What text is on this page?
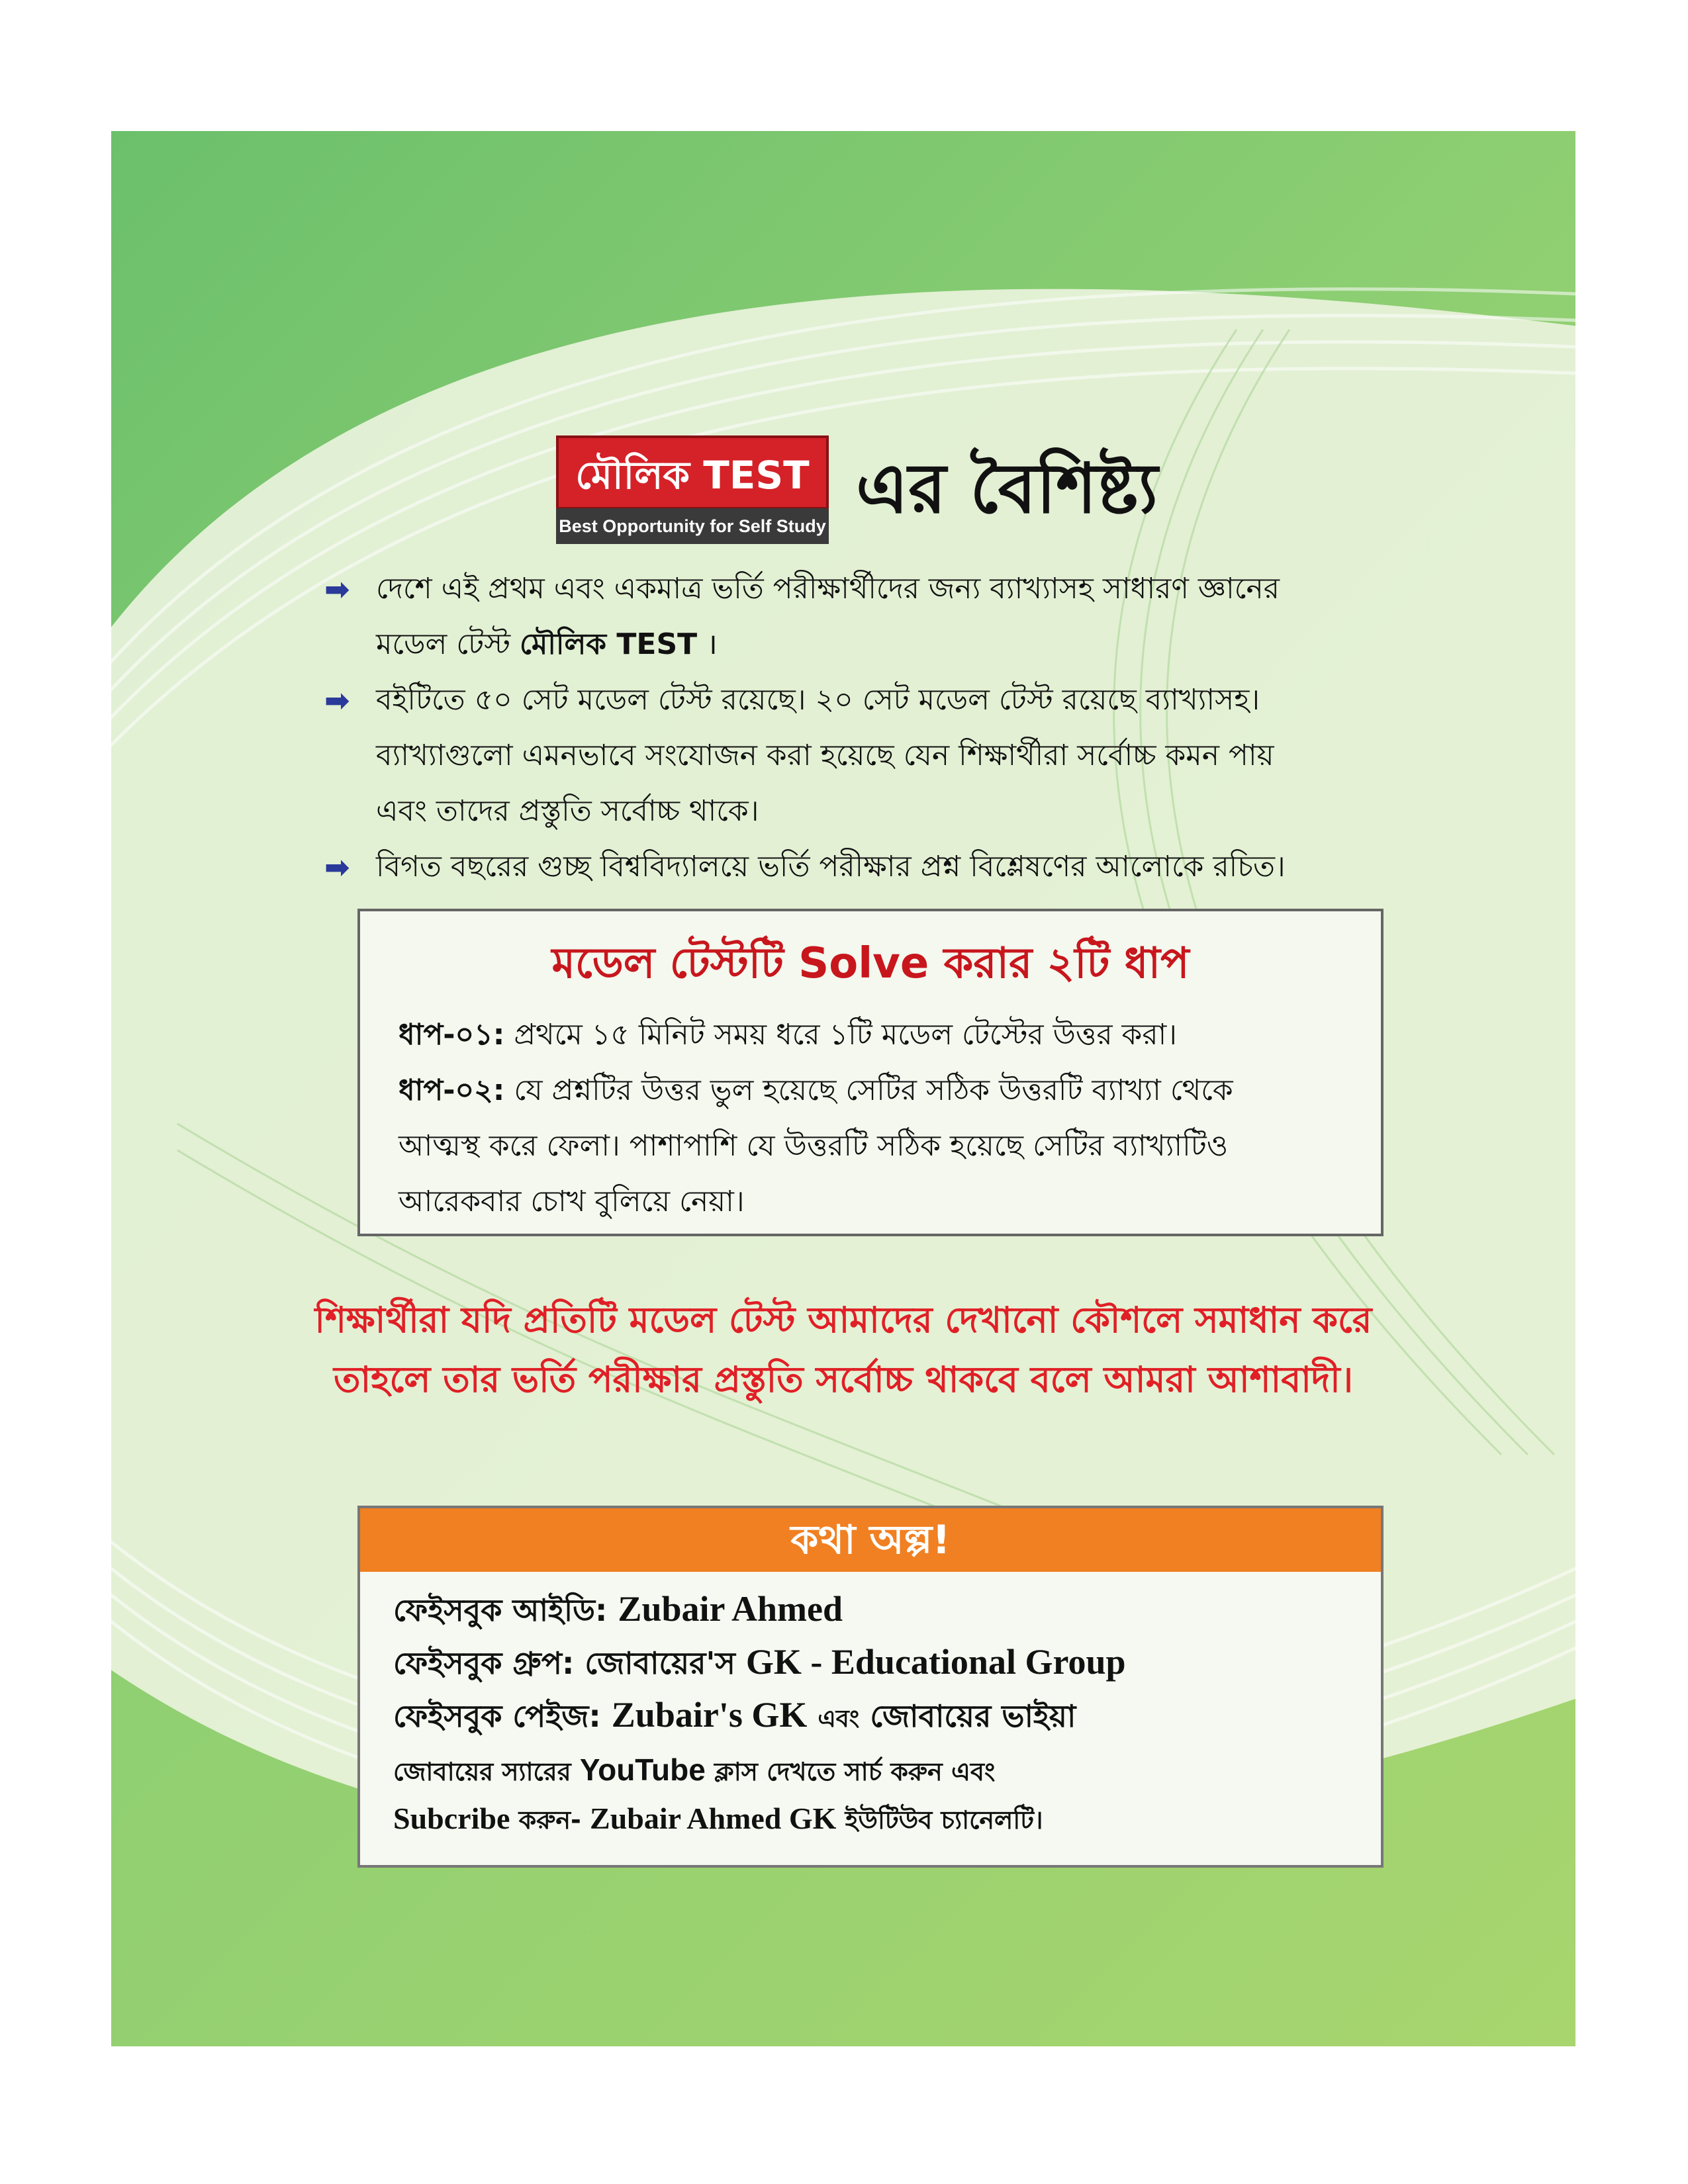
মৌলিক TEST
Best Opportunity for Self Study এর বৈশিষ্ট্য
➡ দেশে এই প্রথম এবং একমাত্র ভর্তি পরীক্ষার্থীদের জন্য ব্যাখ্যাসহ সাধারণ জ্ঞানের
মডেল টেস্ট মৌলিক TEST ।
➡ বইটিতে ৫০ সেট মডেল টেস্ট রয়েছে। ২০ সেট মডেল টেস্ট রয়েছে ব্যাখ্যাসহ।
ব্যাখ্যাগুলো এমনভাবে সংযোজন করা হয়েছে যেন শিক্ষার্থীরা সর্বোচ্চ কমন পায়
এবং তাদের প্রস্তুতি সর্বোচ্চ থাকে।
➡ বিগত বছরের গুচ্ছ বিশ্ববিদ্যালয়ে ভর্তি পরীক্ষার প্রশ্ন বিশ্লেষণের আলোকে রচিত।
মডেল টেস্টটি Solve করার ২টি ধাপ
ধাপ-০১: প্রথমে ১৫ মিনিট সময় ধরে ১টি মডেল টেস্টের উত্তর করা।
ধাপ-০২: যে প্রশ্নটির উত্তর ভুল হয়েছে সেটির সঠিক উত্তরটি ব্যাখ্যা থেকে
আত্মস্থ করে ফেলা। পাশাপাশি যে উত্তরটি সঠিক হয়েছে সেটির ব্যাখ্যাটিও
আরেকবার চোখ বুলিয়ে নেয়া।
শিক্ষার্থীরা যদি প্রতিটি মডেল টেস্ট আমাদের দেখানো কৌশলে সমাধান করে
তাহলে তার ভর্তি পরীক্ষার প্রস্তুতি সর্বোচ্চ থাকবে বলে আমরা আশাবাদী।
কথা অল্প!
ফেইসবুক আইডি: Zubair Ahmed
ফেইসবুক গ্রুপ: জোবায়ের'স GK - Educational Group
ফেইসবুক পেইজ: Zubair's GK এবং জোবায়ের ভাইয়া
জোবায়ের স্যারের YouTube ক্লাস দেখতে সার্চ করুন এবং
Subcribe করুন- Zubair Ahmed GK ইউটিউব চ্যানেলটি।
